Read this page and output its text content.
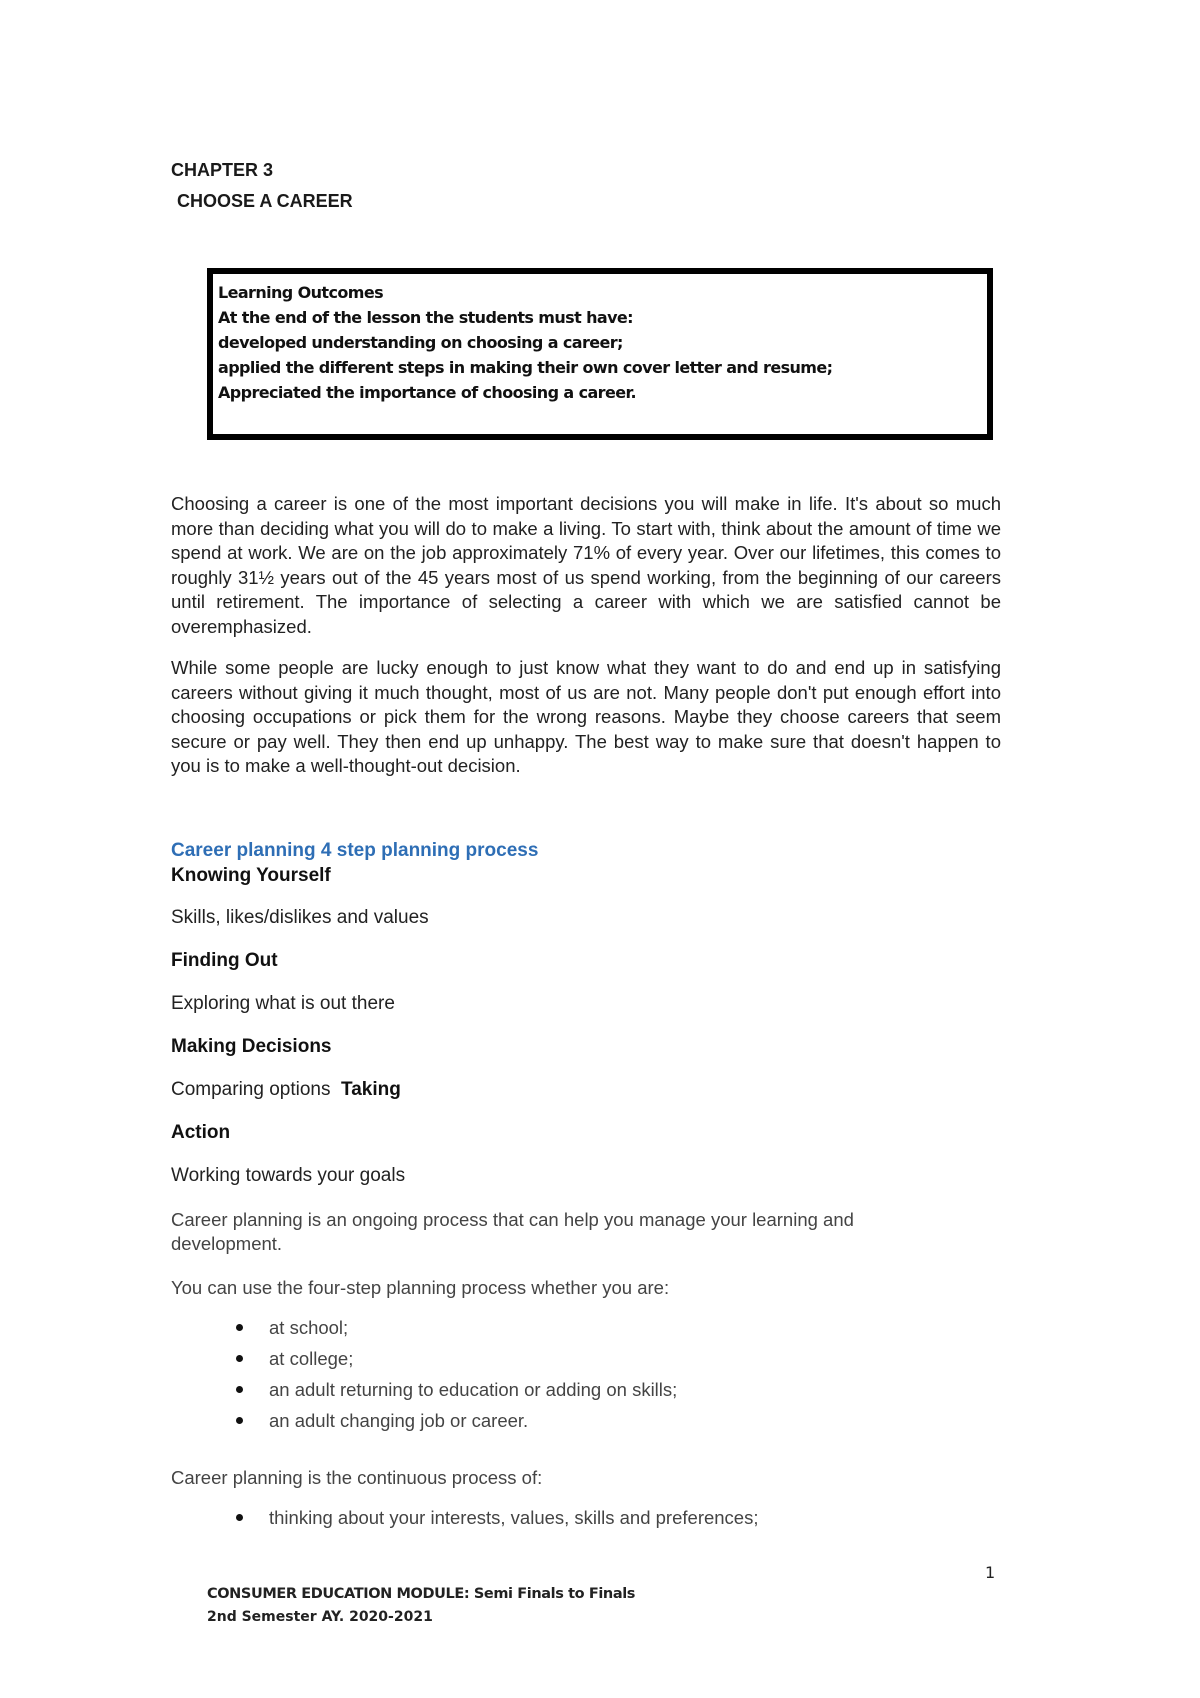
CHAPTER 3
CHOOSE A CAREER
Learning Outcomes
At the end of the lesson the students must have:
developed understanding on choosing a career;
applied the different steps in making their own cover letter and resume;
Appreciated the importance of choosing a career.
Choosing a career is one of the most important decisions you will make in life. It's about so much more than deciding what you will do to make a living. To start with, think about the amount of time we spend at work. We are on the job approximately 71% of every year. Over our lifetimes, this comes to roughly 31½ years out of the 45 years most of us spend working, from the beginning of our careers until retirement. The importance of selecting a career with which we are satisfied cannot be overemphasized.
While some people are lucky enough to just know what they want to do and end up in satisfying careers without giving it much thought, most of us are not. Many people don't put enough effort into choosing occupations or pick them for the wrong reasons. Maybe they choose careers that seem secure or pay well. They then end up unhappy. The best way to make sure that doesn't happen to you is to make a well-thought-out decision.
Career planning 4 step planning process
Knowing Yourself
Skills, likes/dislikes and values
Finding Out
Exploring what is out there
Making Decisions
Comparing options Taking
Action
Working towards your goals
Career planning is an ongoing process that can help you manage your learning and development.
You can use the four-step planning process whether you are:
at school;
at college;
an adult returning to education or adding on skills;
an adult changing job or career.
Career planning is the continuous process of:
thinking about your interests, values, skills and preferences;
1
CONSUMER EDUCATION MODULE: Semi Finals to Finals
2nd Semester AY. 2020-2021
